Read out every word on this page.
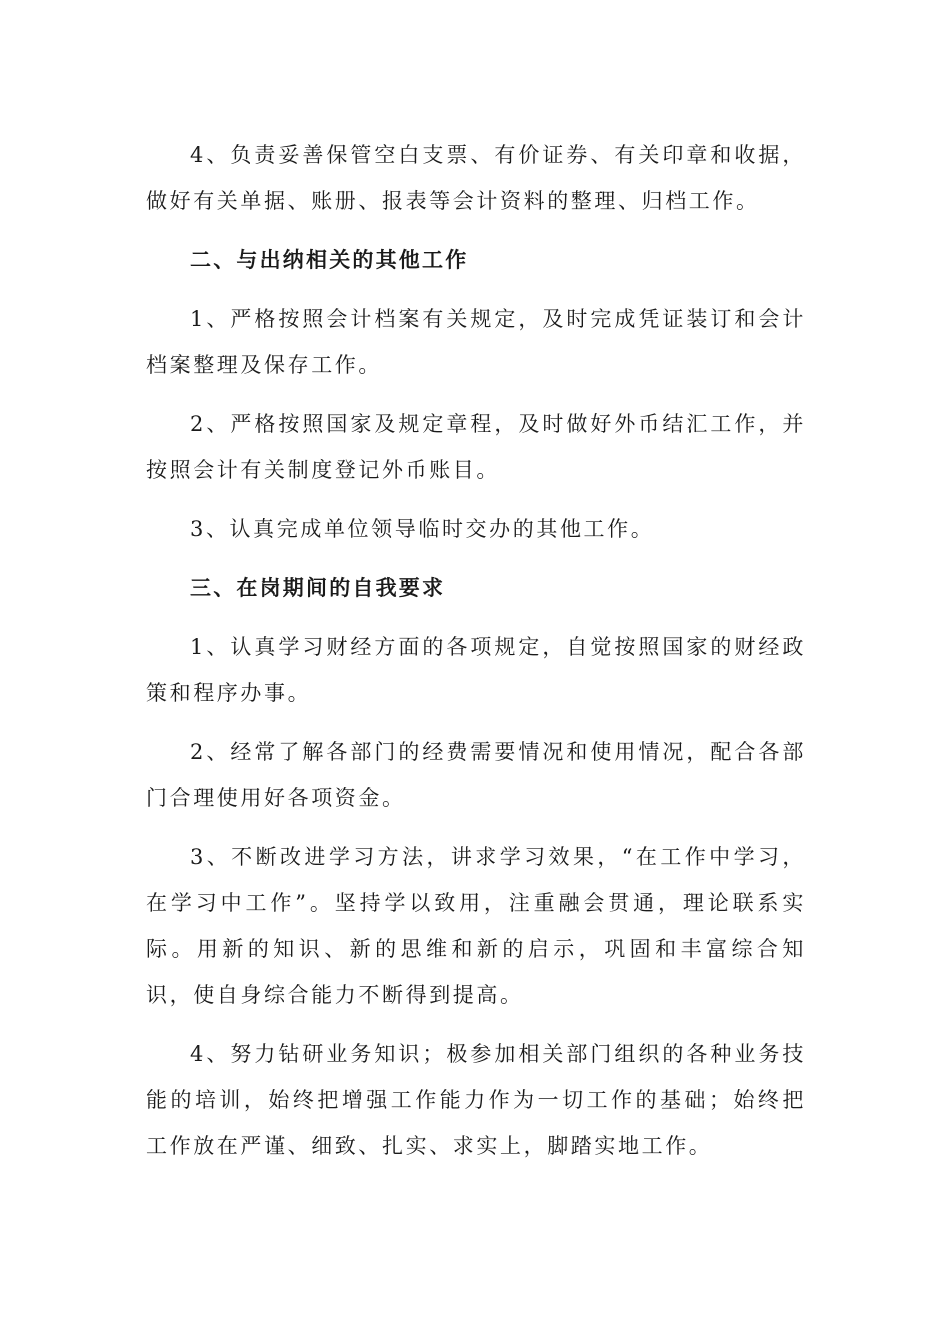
4、负责妥善保管空白支票、有价证券、有关印章和收据，做好有关单据、账册、报表等会计资料的整理、归档工作。

二、与出纳相关的其他工作

1、严格按照会计档案有关规定，及时完成凭证装订和会计档案整理及保存工作。

2、严格按照国家及规定章程，及时做好外币结汇工作，并按照会计有关制度登记外币账目。

3、认真完成单位领导临时交办的其他工作。

三、在岗期间的自我要求

1、认真学习财经方面的各项规定，自觉按照国家的财经政策和程序办事。

2、经常了解各部门的经费需要情况和使用情况，配合各部门合理使用好各项资金。

3、不断改进学习方法，讲求学习效果，“在工作中学习，在学习中工作”。坚持学以致用，注重融会贯通，理论联系实际。用新的知识、新的思维和新的启示，巩固和丰富综合知识，使自身综合能力不断得到提高。

4、努力钻研业务知识；极参加相关部门组织的各种业务技能的培训，始终把增强工作能力作为一切工作的基础；始终把工作放在严谨、细致、扎实、求实上，脚踏实地工作。
